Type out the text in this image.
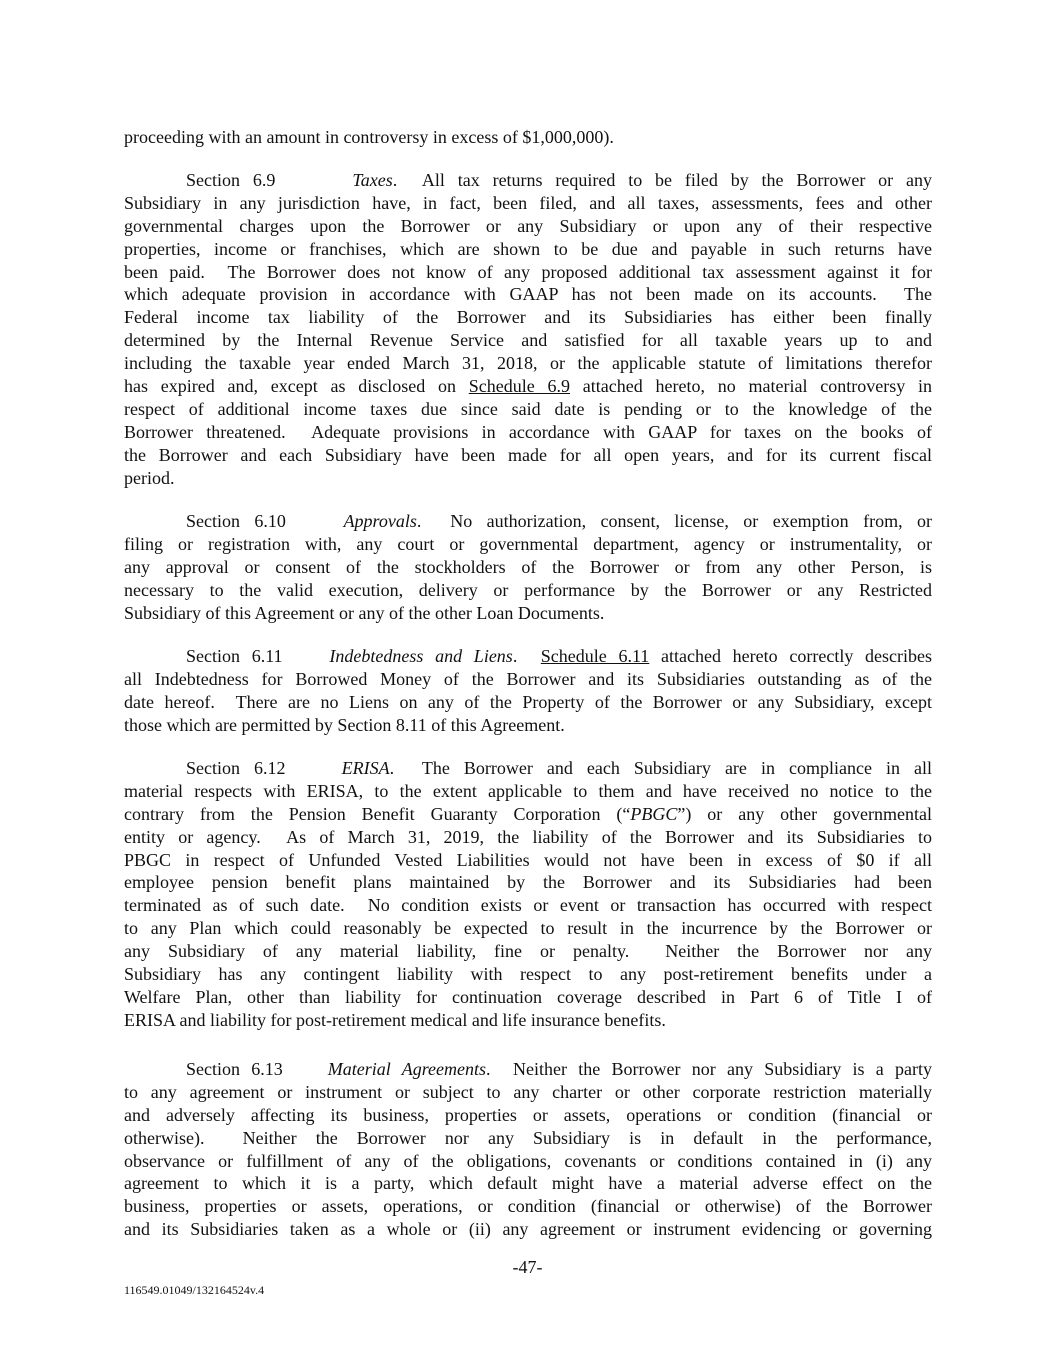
proceeding with an amount in controversy in excess of $1,000,000).
Section 6.9      Taxes.  All tax returns required to be filed by the Borrower or any
Subsidiary in any jurisdiction have, in fact, been filed, and all taxes, assessments, fees and other
governmental charges upon the Borrower or any Subsidiary or upon any of their respective
properties, income or franchises, which are shown to be due and payable in such returns have
been paid.  The Borrower does not know of any proposed additional tax assessment against it for
which adequate provision in accordance with GAAP has not been made on its accounts.  The
Federal income tax liability of the Borrower and its Subsidiaries has either been finally
determined by the Internal Revenue Service and satisfied for all taxable years up to and
including the taxable year ended March 31, 2018, or the applicable statute of limitations therefor
has expired and, except as disclosed on Schedule 6.9 attached hereto, no material controversy in
respect of additional income taxes due since said date is pending or to the knowledge of the
Borrower threatened.  Adequate provisions in accordance with GAAP for taxes on the books of
the Borrower and each Subsidiary have been made for all open years, and for its current fiscal
period.
Section 6.10    Approvals.  No authorization, consent, license, or exemption from, or
filing or registration with, any court or governmental department, agency or instrumentality, or
any approval or consent of the stockholders of the Borrower or from any other Person, is
necessary to the valid execution, delivery or performance by the Borrower or any Restricted
Subsidiary of this Agreement or any of the other Loan Documents.
Section 6.11    Indebtedness and Liens.  Schedule 6.11 attached hereto correctly describes
all Indebtedness for Borrowed Money of the Borrower and its Subsidiaries outstanding as of the
date hereof.  There are no Liens on any of the Property of the Borrower or any Subsidiary, except
those which are permitted by Section 8.11 of this Agreement.
Section 6.12    ERISA.  The Borrower and each Subsidiary are in compliance in all
material respects with ERISA, to the extent applicable to them and have received no notice to the
contrary from the Pension Benefit Guaranty Corporation (“PBGC”) or any other governmental
entity or agency.  As of March 31, 2019, the liability of the Borrower and its Subsidiaries to
PBGC in respect of Unfunded Vested Liabilities would not have been in excess of $0 if all
employee pension benefit plans maintained by the Borrower and its Subsidiaries had been
terminated as of such date.  No condition exists or event or transaction has occurred with respect
to any Plan which could reasonably be expected to result in the incurrence by the Borrower or
any Subsidiary of any material liability, fine or penalty.  Neither the Borrower nor any
Subsidiary has any contingent liability with respect to any post-retirement benefits under a
Welfare Plan, other than liability for continuation coverage described in Part 6 of Title I of
ERISA and liability for post-retirement medical and life insurance benefits.
Section 6.13    Material Agreements.  Neither the Borrower nor any Subsidiary is a party
to any agreement or instrument or subject to any charter or other corporate restriction materially
and adversely affecting its business, properties or assets, operations or condition (financial or
otherwise).  Neither the Borrower nor any Subsidiary is in default in the performance,
observance or fulfillment of any of the obligations, covenants or conditions contained in (i) any
agreement to which it is a party, which default might have a material adverse effect on the
business, properties or assets, operations, or condition (financial or otherwise) of the Borrower
and its Subsidiaries taken as a whole or (ii) any agreement or instrument evidencing or governing
-47-
116549.01049/132164524v.4
